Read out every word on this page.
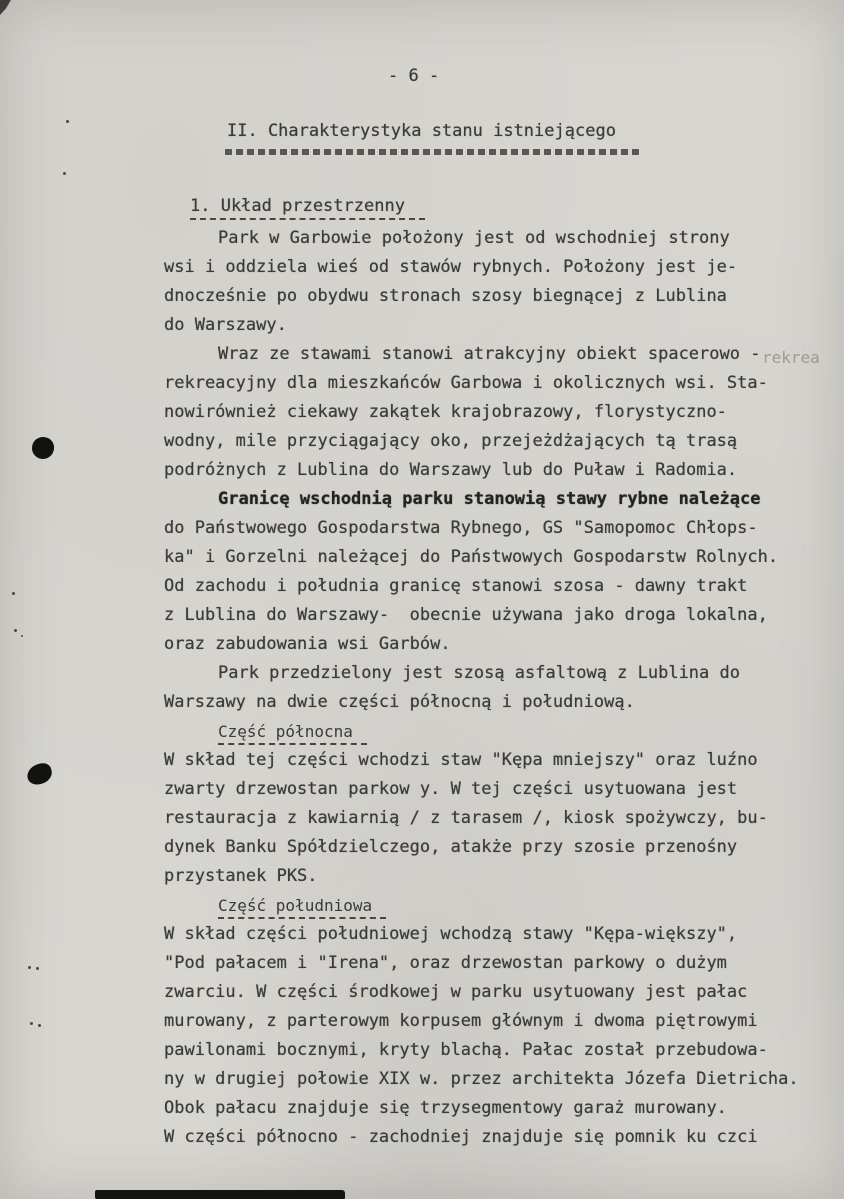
- 6 -
II. Charakterystyka stanu istniejącego
1. Układ przestrzenny
Park w Garbowie położony jest od wschodniej strony
wsi i oddziela wieś od stawów rybnych. Położony jest je-
dnocześnie po obydwu stronach szosy biegnącej z Lublina
do Warszawy.
Wraz ze stawami stanowi atrakcyjny obiekt spacerowo -
rekreacyjny dla mieszkańców Garbowa i okolicznych wsi. Sta-
nowirównież ciekawy zakątek krajobrazowy, florystyczno-
wodny, mile przyciągający oko, przejeżdżających tą trasą
podróżnych z Lublina do Warszawy lub do Puław i Radomia.
Granicę wschodnią parku stanowią stawy rybne należące
do Państwowego Gospodarstwa Rybnego, GS "Samopomoc Chłops-
ka" i Gorzelni należącej do Państwowych Gospodarstw Rolnych.
Od zachodu i południa granicę stanowi szosa - dawny trakt
z Lublina do Warszawy-  obecnie używana jako droga lokalna,
oraz zabudowania wsi Garbów.
Park przedzielony jest szosą asfaltową z Lublina do
Warszawy na dwie części północną i południową.
Część północna
W skład tej części wchodzi staw "Kępa mniejszy" oraz luźno
zwarty drzewostan parkow y. W tej części usytuowana jest
restauracja z kawiarnią / z tarasem /, kiosk spożywczy, bu-
dynek Banku Spółdzielczego, atakże przy szosie przenośny
przystanek PKS.
Część południowa
W skład części południowej wchodzą stawy "Kępa-większy",
"Pod pałacem i "Irena", oraz drzewostan parkowy o dużym
zwarciu. W części środkowej w parku usytuowany jest pałac
murowany, z parterowym korpusem głównym i dwoma piętrowymi
pawilonami bocznymi, kryty blachą. Pałac został przebudowa-
ny w drugiej połowie XIX w. przez architekta Józefa Dietricha.
Obok pałacu znajduje się trzysegmentowy garaż murowany.
W części północno - zachodniej znajduje się pomnik ku czci
rekrea
